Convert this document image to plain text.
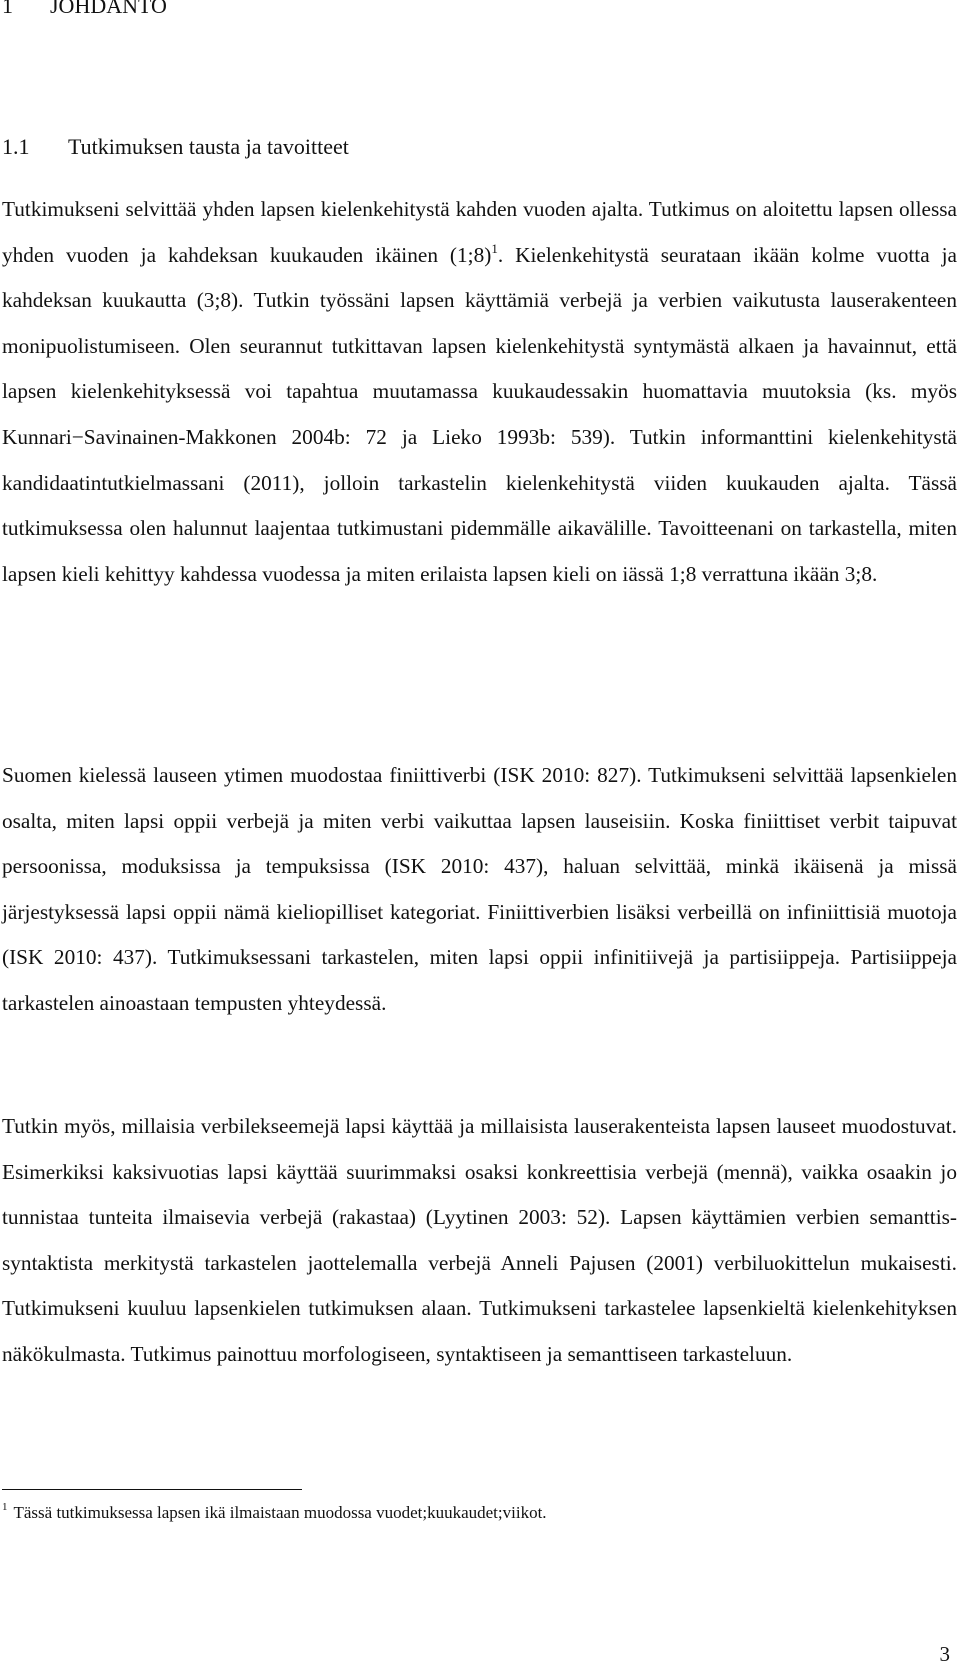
1 JOHDANTO
1.1 Tutkimuksen tausta ja tavoitteet

Tutkimukseni selvittää yhden lapsen kielenkehitystä kahden vuoden ajalta. Tutkimus on aloitettu lapsen ollessa yhden vuoden ja kahdeksan kuukauden ikäinen (1;8)$^1$. Kielenkehitystä seurataan ikään kolme vuotta ja kahdeksan kuukautta (3;8). Tutkin työssäni lapsen käyttämiä verbejä ja verbien vaikutusta lauserakenteen monipuolistumiseen. Olen seurannut tutkittavan lapsen kielenkehitystä syntymästä alkaen ja havainnut, että lapsen kielenkehityksessä voi tapahtua muutamassa kuukaudessakin huomattavia muutoksia (ks. myös Kunnari−Savinainen-Makkonen 2004b: 72 ja Lieko 1993b: 539). Tutkin informanttini kielenkehitystä kandidaatintutkielmassani (2011), jolloin tarkastelin kielenkehitystä viiden kuukauden ajalta. Tässä tutkimuksessa olen halunnut laajentaa tutkimustani pidemmälle aikavälille. Tavoitteenani on tarkastella, miten lapsen kieli kehittyy kahdessa vuodessa ja miten erilaista lapsen kieli on iässä 1;8 verrattuna ikään 3;8.

Suomen kielessä lauseen ytimen muodostaa finiittiverbi (ISK 2010: 827). Tutkimukseni selvittää lapsenkielen osalta, miten lapsi oppii verbejä ja miten verbi vaikuttaa lapsen lauseisiin. Koska finiittiset verbit taipuvat persoonissa, moduksissa ja tempuksissa (ISK 2010: 437), haluan selvittää, minkä ikäisenä ja missä järjestyksessä lapsi oppii nämä kieliopilliset kategoriat. Finiittiverbien lisäksi verbeillä on infiniittisiä muotoja (ISK 2010: 437). Tutkimuksessani tarkastelen, miten lapsi oppii infinitiivejä ja partisiippeja. Partisiippeja tarkastelen ainoastaan tempusten yhteydessä.

Tutkin myös, millaisia verbilekseemejä lapsi käyttää ja millaisista lauserakenteista lapsen lauseet muodostuvat. Esimerkiksi kaksivuotias lapsi käyttää suurimmaksi osaksi konkreettisia verbejä (mennä), vaikka osaakin jo tunnistaa tunteita ilmaisevia verbejä (rakastaa) (Lyytinen 2003: 52). Lapsen käyttämien verbien semanttis-syntaktista merkitystä tarkastelen jaottelemalla verbejä Anneli Pajusen (2001) verbiluokittelun mukaisesti. Tutkimukseni kuuluu lapsenkielen tutkimuksen alaan. Tutkimukseni tarkastelee lapsenkieltä kielenkehityksen näkökulmasta. Tutkimus painottuu morfologiseen, syntaktiseen ja semanttiseen tarkasteluun.

$^1$ Tässä tutkimuksessa lapsen ikä ilmaistaan muodossa vuodet;kuukaudet;viikot.

3
